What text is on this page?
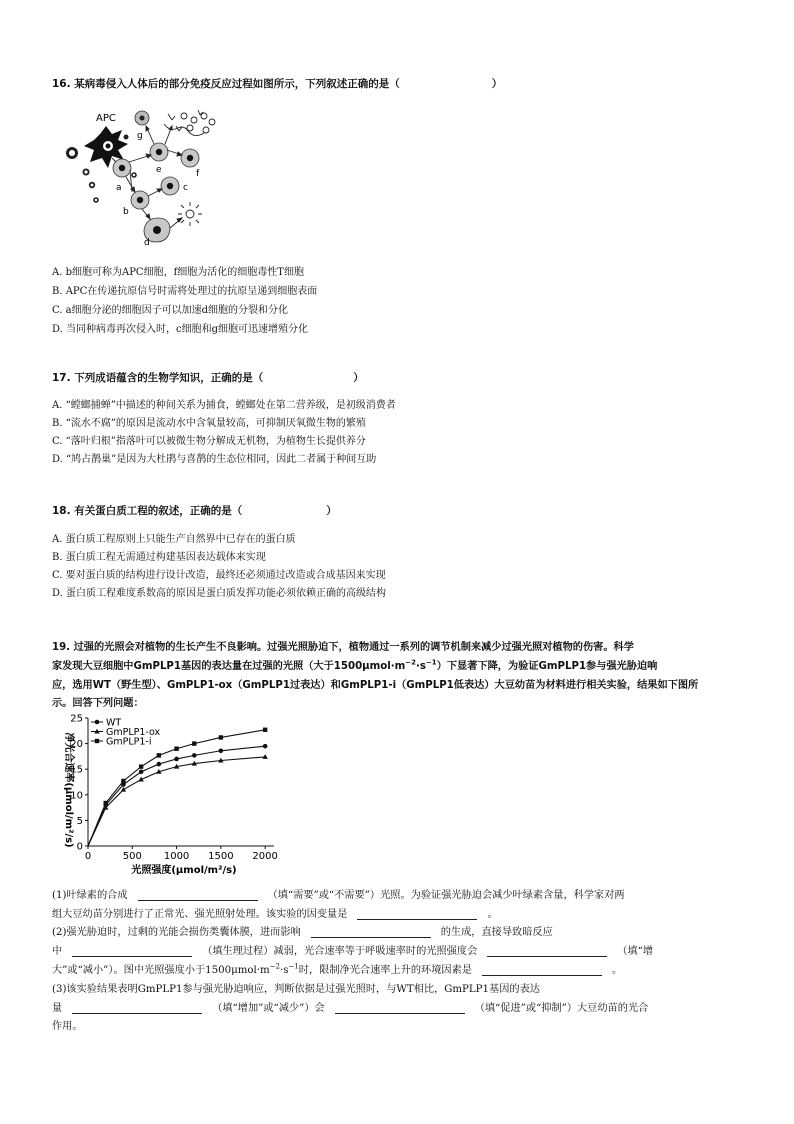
16. 某病毒侵入人体后的部分免疫反应过程如图所示，下列叙述正确的是（	）
APC
g
e	f
a	c
b
d
A. b细胞可称为APC细胞，f细胞为活化的细胞毒性T细胞
B. APC在传递抗原信号时需将处理过的抗原呈递到细胞表面
C. a细胞分泌的细胞因子可以加速d细胞的分裂和分化
D. 当同种病毒再次侵入时，c细胞和g细胞可迅速增殖分化
17. 下列成语蕴含的生物学知识，正确的是（	）
A. “螳螂捕蝉”中描述的种间关系为捕食，螳螂处在第二营养级，是初级消费者
B. “流水不腐”的原因是流动水中含氧量较高，可抑制厌氧微生物的繁殖
C. “落叶归根”指落叶可以被微生物分解成无机物，为植物生长提供养分
D. “鸠占鹊巢”是因为大杜鹃与喜鹊的生态位相同，因此二者属于种间互助
18. 有关蛋白质工程的叙述，正确的是（	）
A. 蛋白质工程原则上只能生产自然界中已存在的蛋白质
B. 蛋白质工程无需通过构建基因表达载体来实现
C. 要对蛋白质的结构进行设计改造，最终还必须通过改造或合成基因来实现
D. 蛋白质工程难度系数高的原因是蛋白质发挥功能必须依赖正确的高级结构
19. 过强的光照会对植物的生长产生不良影响。过强光照胁迫下，植物通过一系列的调节机制来减少过强光照对植物的伤害。科学
家发现大豆细胞中GmPLP1基因的表达量在过强的光照（大于$1500\mu mol\cdot m^{-2}\cdot s^{-1}$）下显著下降，为验证GmPLP1参与强光胁迫响
应，选用WT（野生型）、GmPLP1-ox（GmPLP1过表达）和GmPLP1-i（GmPLP1低表达）大豆幼苗为材料进行相关实验，结果如下图所
示。回答下列问题：
净光合速率(μmol/m²/s) 0
5
10
15
20
25
0	500 1000 1500 2000
WT
GmPLP1-ox
GmPLP1-i
光照强度(μmol/m²/s)
(1)叶绿素的合成	（填“需要”或“不需要”）光照。为验证强光胁迫会减少叶绿素含量，科学家对两
组大豆幼苗分别进行了正常光、强光照射处理。该实验的因变量是	。
(2)强光胁迫时，过剩的光能会损伤类囊体膜，进而影响	的生成，直接导致暗反应
中	（填生理过程）减弱，光合速率等于呼吸速率时的光照强度会	（填“增
大”或“减小”）。图中光照强度小于$1500\mu mol\cdot m^{-2}\cdot s^{-1}$时，限制净光合速率上升的环境因素是	。
(3)该实验结果表明GmPLP1参与强光胁迫响应，判断依据是过强光照时，与WT相比，GmPLP1基因的表达
量	（填“增加”或“减少”）会	（填“促进”或“抑制”）大豆幼苗的光合
作用。
